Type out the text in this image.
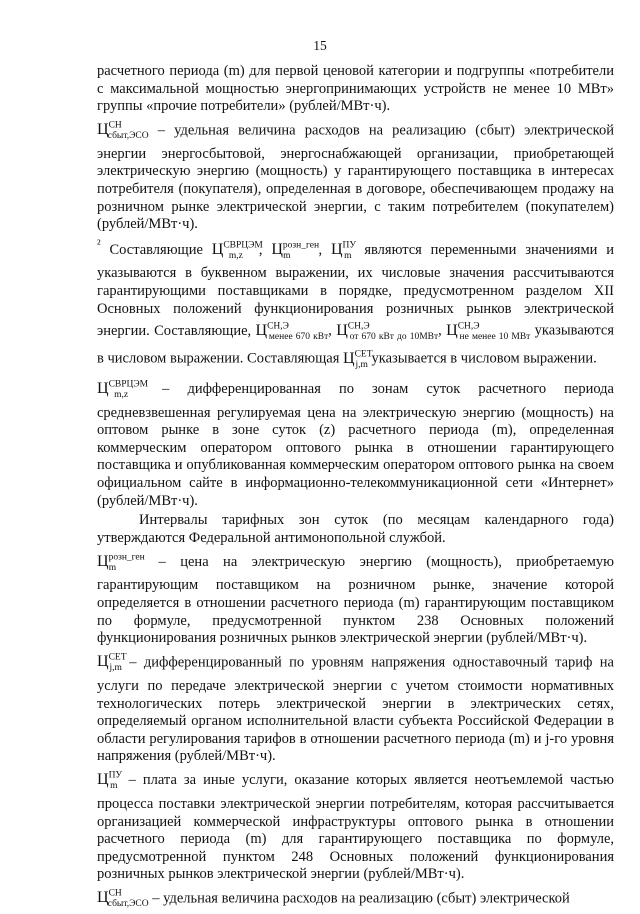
15

расчетного периода (m) для первой ценовой категории и подгруппы «потребители с максимальной мощностью энергопринимающих устройств не менее 10 МВт» группы «прочие потребители» (рублей/МВт·ч).

$Ц^{СН}_{сбыт,ЭСО}$ – удельная величина расходов на реализацию (сбыт) электрической энергии энергосбытовой, энергоснабжающей организации, приобретающей электрическую энергию (мощность) у гарантирующего поставщика в интересах потребителя (покупателя), определенная в договоре, обеспечивающем продажу на розничном рынке электрической энергии, с таким потребителем (покупателем) (рублей/МВт·ч).

$^{^2}$ Составляющие $Ц^{СВРЦЭМ}_{m,z}$ , $Ц^{розн\_ген}_m$ , $Ц^{ПУ}_m$ являются переменными значениями и указываются в буквенном выражении, их числовые значения рассчитываются гарантирующими поставщиками в порядке, предусмотренном разделом XII Основных положений функционирования розничных рынков электрической энергии. Составляющие, $Ц^{СН,Э}_{менее 670 кВт}$, $Ц^{СН,Э}_{от 670 кВт до 10МВт}$, $Ц^{СН,Э}_{не менее 10 МВт}$ указываются в числовом выражении. Составляющая $Ц^{СЕТ}_{j,m}$ указывается в числовом выражении.

$Ц^{СВРЦЭМ}_{m,z}$ – дифференцированная по зонам суток расчетного периода средневзвешенная регулируемая цена на электрическую энергию (мощность) на оптовом рынке в зоне суток (z) расчетного периода (m), определенная коммерческим оператором оптового рынка в отношении гарантирующего поставщика и опубликованная коммерческим оператором оптового рынка на своем официальном сайте в информационно-телекоммуникационной сети «Интернет» (рублей/МВт·ч).

Интервалы тарифных зон суток (по месяцам календарного года) утверждаются Федеральной антимонопольной службой.

$Ц^{розн\_ген}_m$ – цена на электрическую энергию (мощность), приобретаемую гарантирующим поставщиком на розничном рынке, значение которой определяется в отношении расчетного периода (m) гарантирующим поставщиком по формуле, предусмотренной пунктом 238 Основных положений функционирования розничных рынков электрической энергии (рублей/МВт·ч).

$Ц^{СЕТ}_{j,m}$ – дифференцированный по уровням напряжения одноставочный тариф на услуги по передаче электрической энергии с учетом стоимости нормативных технологических потерь электрической энергии в электрических сетях, определяемый органом исполнительной власти субъекта Российской Федерации в области регулирования тарифов в отношении расчетного периода (m) и j-го уровня напряжения (рублей/МВт·ч).

$Ц^{ПУ}_m$ – плата за иные услуги, оказание которых является неотъемлемой частью процесса поставки электрической энергии потребителям, которая рассчитывается организацией коммерческой инфраструктуры оптового рынка в отношении расчетного периода (m) для гарантирующего поставщика по формуле, предусмотренной пунктом 248 Основных положений функционирования розничных рынков электрической энергии (рублей/МВт·ч).

$Ц^{СН}_{сбыт,ЭСО}$ – удельная величина расходов на реализацию (сбыт) электрической
